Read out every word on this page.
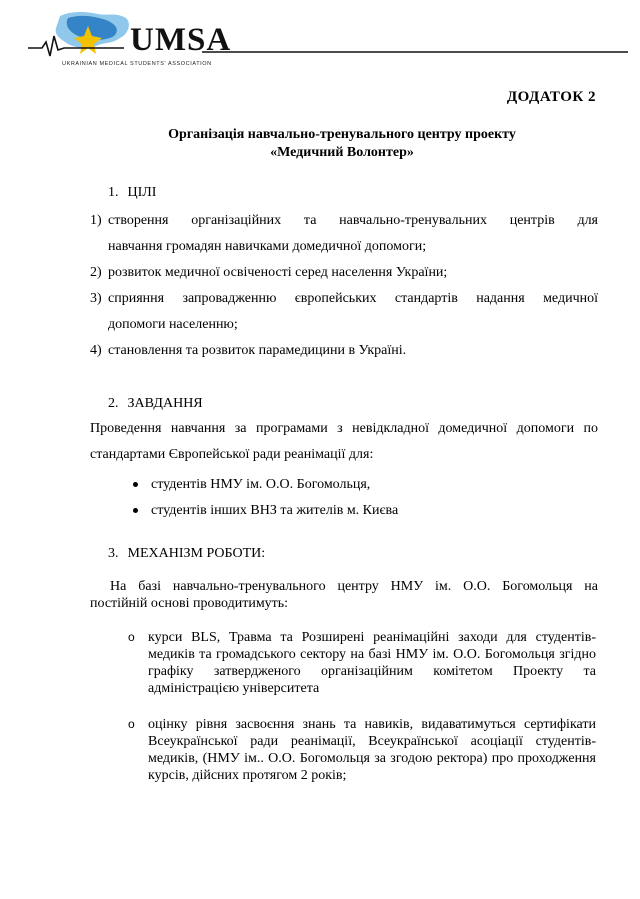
UMSA
UKRAINIAN MEDICAL STUDENTS' ASSOCIATION
ДОДАТОК 2
Організація навчально-тренувального центру проекту
«Медичний Волонтер»
1. ЦІЛІ
1) створення організаційних та навчально-тренувальних центрів для
навчання громадян навичками домедичної допомоги;
2) розвиток медичної освіченості серед населення України;
3) сприяння запровадженню європейських стандартів надання медичної
допомоги населенню;
4) становлення та розвиток парамедицини в Україні.
2. ЗАВДАННЯ
Проведення навчання за програмами з невідкладної домедичної допомоги по
стандартами Європейської ради реанімації для:
студентів НМУ ім. О.О. Богомольця,
студентів інших ВНЗ та жителів м. Києва
3. МЕХАНІЗМ РОБОТИ:
На базі навчально-тренувального центру НМУ ім. О.О. Богомольця на
постійній основі проводитимуть:
o курси BLS, Травма та Розширені реанімаційні заходи для студентів-медиків та громадського сектору на базі НМУ ім. О.О. Богомольця згідно графіку затвердженого організаційним комітетом Проекту та адміністрацією університета
o оцінку рівня засвоєння знань та навиків, видаватимуться сертифікати Всеукраїнської ради реанімації, Всеукраїнської асоціації студентів-медиків, (НМУ ім.. О.О. Богомольця за згодою ректора) про проходження курсів, дійсних протягом 2 років;
